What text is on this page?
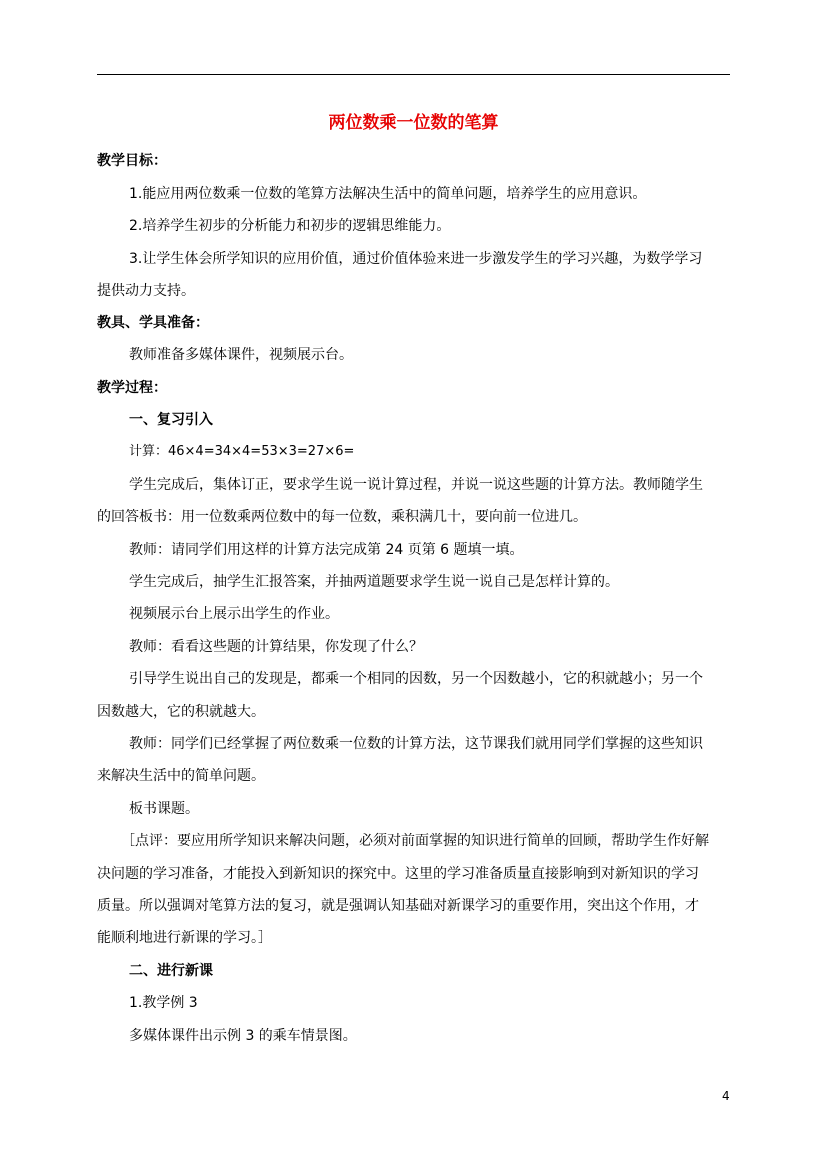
两位数乘一位数的笔算
教学目标：
1.能应用两位数乘一位数的笔算方法解决生活中的简单问题，培养学生的应用意识。
2.培养学生初步的分析能力和初步的逻辑思维能力。
3.让学生体会所学知识的应用价值，通过价值体验来进一步激发学生的学习兴趣，为数学学习
提供动力支持。
教具、学具准备：
教师准备多媒体课件，视频展示台。
教学过程：
一、复习引入
计算：46×4=34×4=53×3=27×6=
学生完成后，集体订正，要求学生说一说计算过程，并说一说这些题的计算方法。教师随学生
的回答板书：用一位数乘两位数中的每一位数，乘积满几十，要向前一位进几。
教师：请同学们用这样的计算方法完成第 24 页第 6 题填一填。
学生完成后，抽学生汇报答案，并抽两道题要求学生说一说自己是怎样计算的。
视频展示台上展示出学生的作业。
教师：看看这些题的计算结果，你发现了什么？
引导学生说出自己的发现是，都乘一个相同的因数，另一个因数越小，它的积就越小；另一个
因数越大，它的积就越大。
教师：同学们已经掌握了两位数乘一位数的计算方法，这节课我们就用同学们掌握的这些知识
来解决生活中的简单问题。
板书课题。
［点评：要应用所学知识来解决问题，必须对前面掌握的知识进行简单的回顾，帮助学生作好解
决问题的学习准备，才能投入到新知识的探究中。这里的学习准备质量直接影响到对新知识的学习
质量。所以强调对笔算方法的复习，就是强调认知基础对新课学习的重要作用，突出这个作用，才
能顺利地进行新课的学习。］
二、进行新课
1.教学例 3
多媒体课件出示例 3 的乘车情景图。
4
